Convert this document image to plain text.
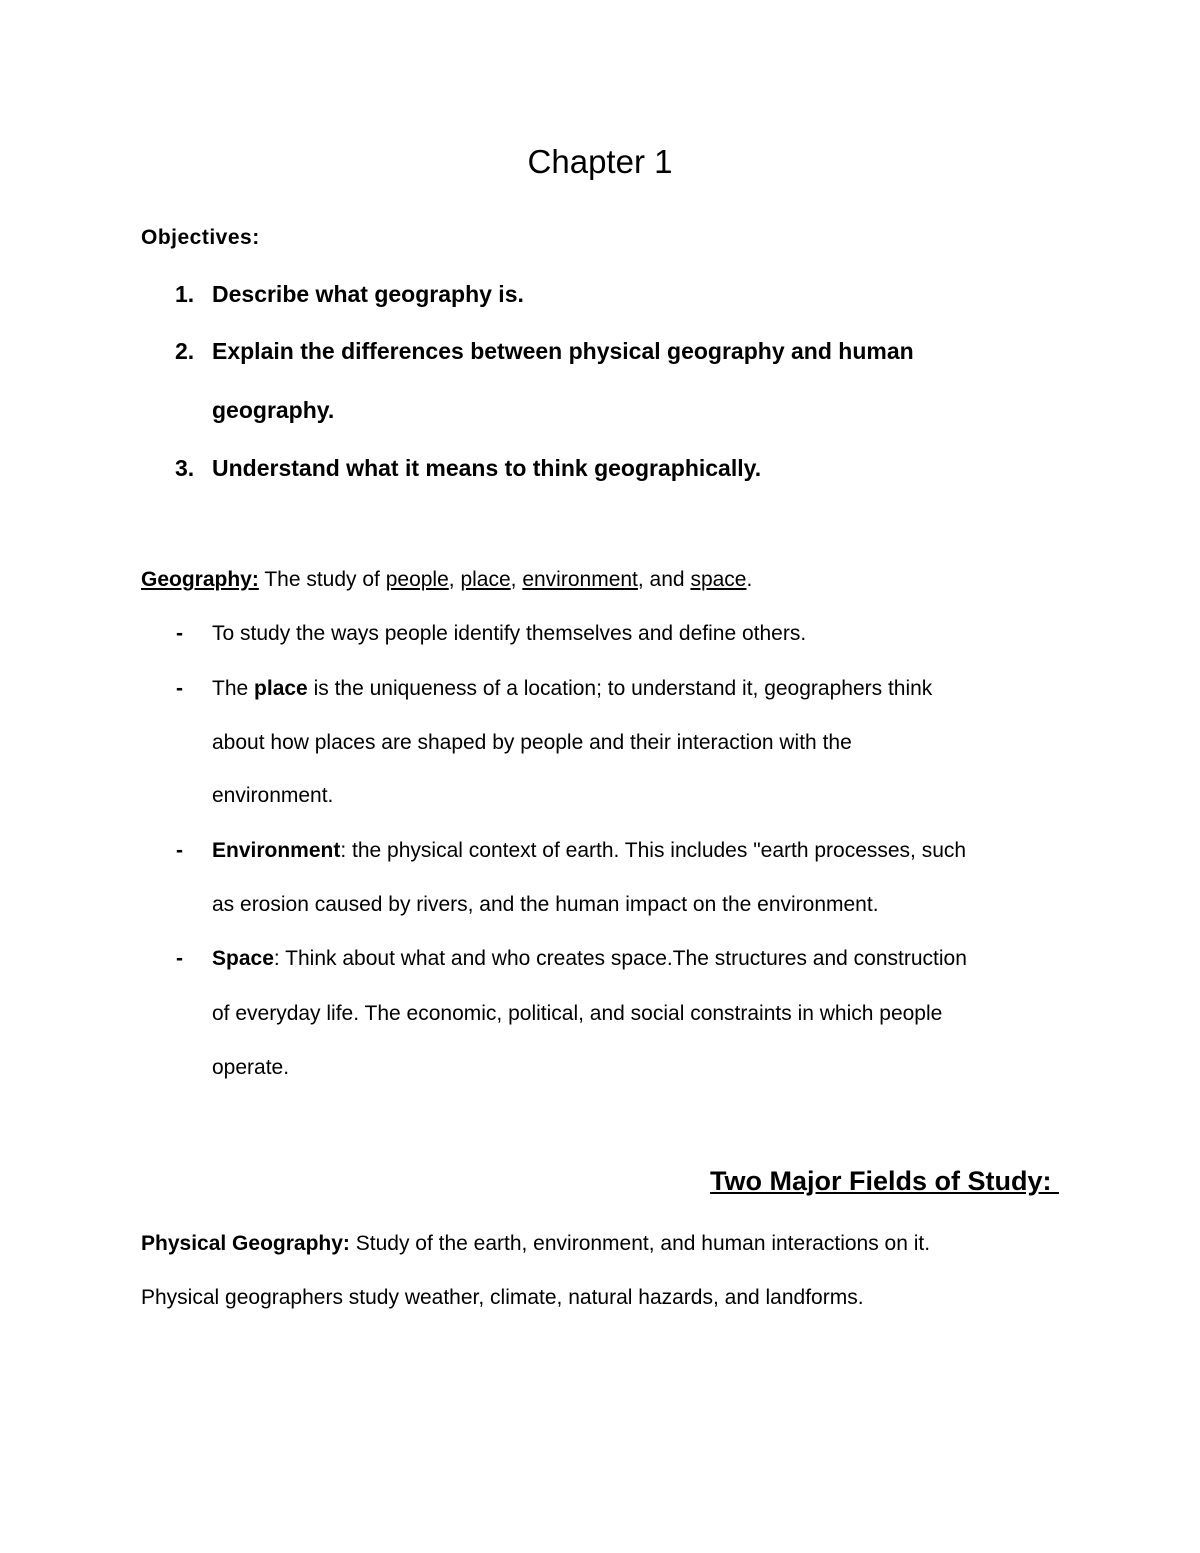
Chapter 1
Objectives:
1. Describe what geography is.
2. Explain the differences between physical geography and human
geography.
3. Understand what it means to think geographically.
Geography: The study of people, place, environment, and space.
- To study the ways people identify themselves and define others.
- The place is the uniqueness of a location; to understand it, geographers think
about how places are shaped by people and their interaction with the
environment.
- Environment: the physical context of earth. This includes "earth processes, such
as erosion caused by rivers, and the human impact on the environment.
- Space: Think about what and who creates space.The structures and construction
of everyday life. The economic, political, and social constraints in which people
operate.
Two Major Fields of Study:
Physical Geography: Study of the earth, environment, and human interactions on it.
Physical geographers study weather, climate, natural hazards, and landforms.
